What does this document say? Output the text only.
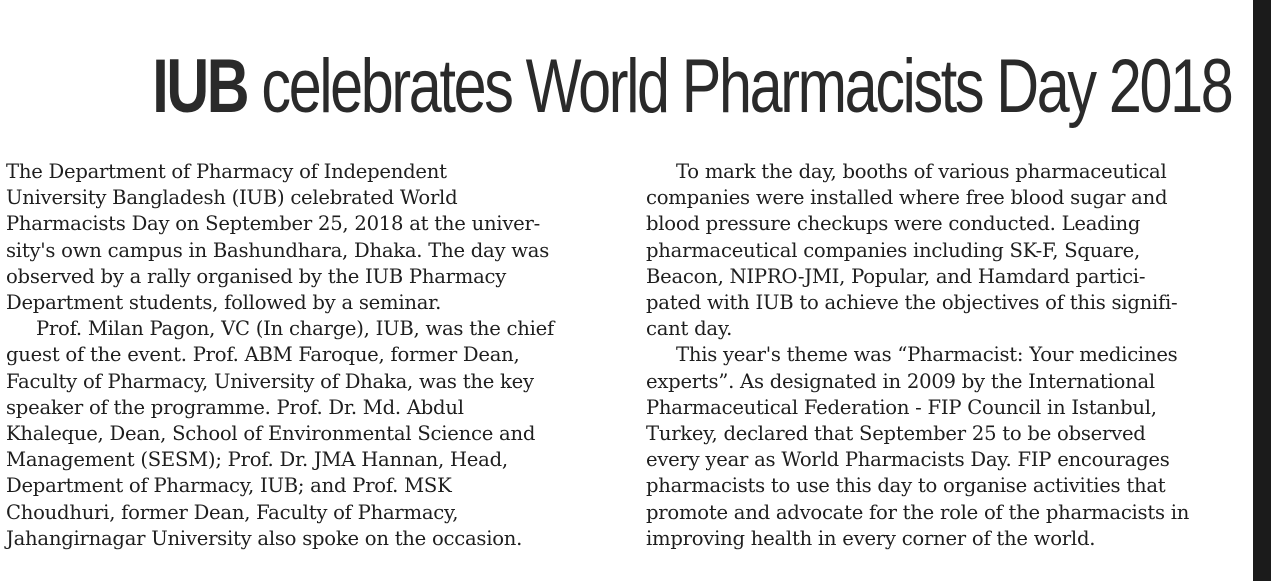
IUB celebrates World Pharmacists Day 2018
The Department of Pharmacy of Independent
University Bangladesh (IUB) celebrated World
Pharmacists Day on September 25, 2018 at the univer-
sity's own campus in Bashundhara, Dhaka. The day was
observed by a rally organised by the IUB Pharmacy
Department students, followed by a seminar.
Prof. Milan Pagon, VC (In charge), IUB, was the chief
guest of the event. Prof. ABM Faroque, former Dean,
Faculty of Pharmacy, University of Dhaka, was the key
speaker of the programme. Prof. Dr. Md. Abdul
Khaleque, Dean, School of Environmental Science and
Management (SESM); Prof. Dr. JMA Hannan, Head,
Department of Pharmacy, IUB; and Prof. MSK
Choudhuri, former Dean, Faculty of Pharmacy,
Jahangirnagar University also spoke on the occasion.
To mark the day, booths of various pharmaceutical
companies were installed where free blood sugar and
blood pressure checkups were conducted. Leading
pharmaceutical companies including SK-F, Square,
Beacon, NIPRO-JMI, Popular, and Hamdard partici-
pated with IUB to achieve the objectives of this signifi-
cant day.
This year's theme was “Pharmacist: Your medicines
experts”. As designated in 2009 by the International
Pharmaceutical Federation - FIP Council in Istanbul,
Turkey, declared that September 25 to be observed
every year as World Pharmacists Day. FIP encourages
pharmacists to use this day to organise activities that
promote and advocate for the role of the pharmacists in
improving health in every corner of the world.
